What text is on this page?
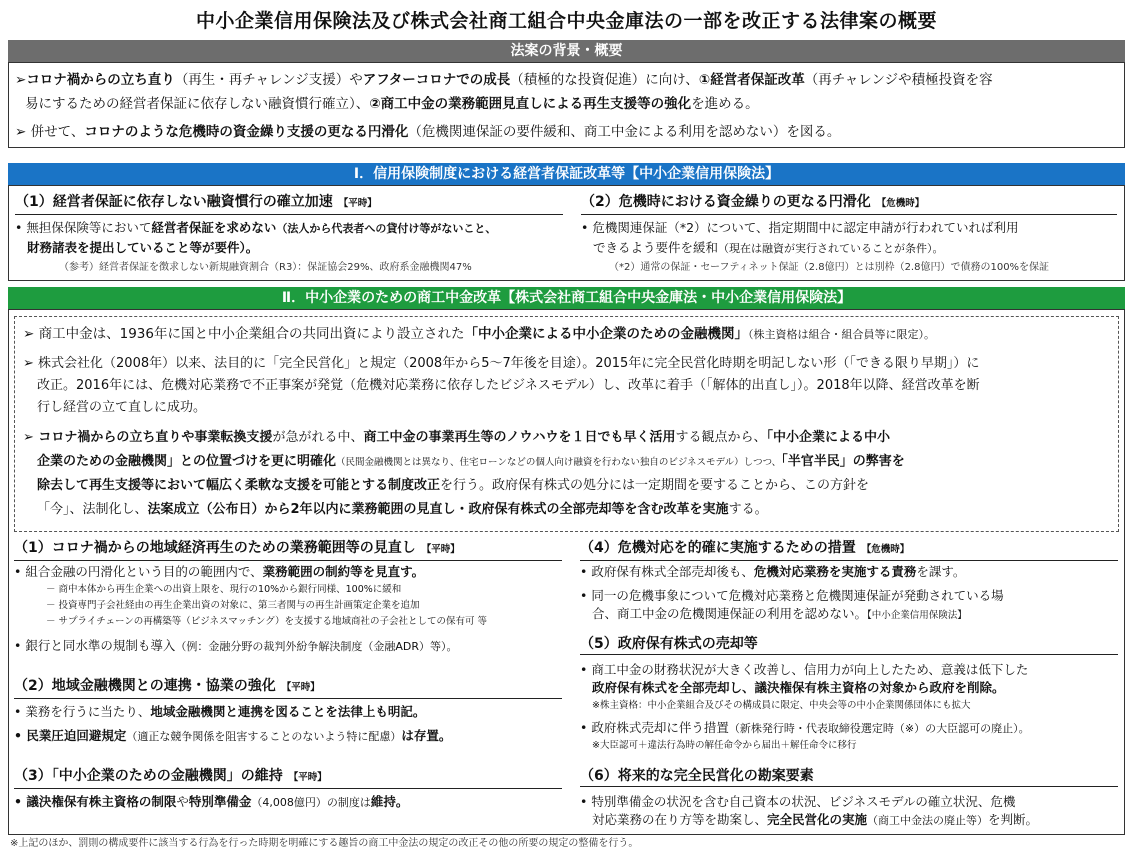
中小企業信用保険法及び株式会社商工組合中央金庫法の一部を改正する法律案の概要
法案の背景・概要
➢コロナ禍からの立ち直り（再生・再チャレンジ支援）やアフターコロナでの成長（積極的な投資促進）に向け、①経営者保証改革（再チャレンジや積極投資を容
易にするための経営者保証に依存しない融資慣行確立）、②商工中金の業務範囲見直しによる再生支援等の強化を進める。
➢ 併せて、コロナのような危機時の資金繰り支援の更なる円滑化（危機関連保証の要件緩和、商工中金による利用を認めない）を図る。
Ⅰ．信用保険制度における経営者保証改革等【中小企業信用保険法】
（1）経営者保証に依存しない融資慣行の確立加速 【平時】
• 無担保保険等において経営者保証を求めない（法人から代表者への貸付け等がないこと、
財務諸表を提出していること等が要件）。
（参考）経営者保証を徴求しない新規融資割合（R3）：保証協会29%、政府系金融機関47%
（2）危機時における資金繰りの更なる円滑化 【危機時】
• 危機関連保証（*2）について、指定期間中に認定申請が行われていれば利用
できるよう要件を緩和（現在は融資が実行されていることが条件）。
（*2）通常の保証・セーフティネット保証（2.8億円）とは別枠（2.8億円）で債務の100%を保証
Ⅱ．中小企業のための商工中金改革【株式会社商工組合中央金庫法・中小企業信用保険法】
➢ 商工中金は、1936年に国と中小企業組合の共同出資により設立された「中小企業による中小企業のための金融機関」（株主資格は組合・組合員等に限定）。
➢ 株式会社化（2008年）以来、法目的に「完全民営化」と規定（2008年から5～7年後を目途）。2015年に完全民営化時期を明記しない形（「できる限り早期」）に
改正。2016年には、危機対応業務で不正事案が発覚（危機対応業務に依存したビジネスモデル）し、改革に着手（「解体的出直し」）。2018年以降、経営改革を断
行し経営の立て直しに成功。
➢ コロナ禍からの立ち直りや事業転換支援が急がれる中、商工中金の事業再生等のノウハウを１日でも早く活用する観点から、「中小企業による中小
企業のための金融機関」との位置づけを更に明確化（民間金融機関とは異なり、住宅ローンなどの個人向け融資を行わない独自のビジネスモデル）しつつ、「半官半民」の弊害を
除去して再生支援等において幅広く柔軟な支援を可能とする制度改正を行う。政府保有株式の処分には一定期間を要することから、この方針を
「今」、法制化し、法案成立（公布日）から2年以内に業務範囲の見直し・政府保有株式の全部売却等を含む改革を実施する。
（1）コロナ禍からの地域経済再生のための業務範囲等の見直し 【平時】
• 組合金融の円滑化という目的の範囲内で、業務範囲の制約等を見直す。
－ 商中本体から再生企業への出資上限を、現行の10%から銀行同様、100%に緩和
－ 投資専門子会社経由の再生企業出資の対象に、第三者関与の再生計画策定企業を追加
－ サプライチェーンの再構築等（ビジネスマッチング）を支援する地域商社の子会社としての保有可 等
• 銀行と同水準の規制も導入（例：金融分野の裁判外紛争解決制度（金融ADR）等）。
（2）地域金融機関との連携・協業の強化 【平時】
• 業務を行うに当たり、地域金融機関と連携を図ることを法律上も明記。
• 民業圧迫回避規定（適正な競争関係を阻害することのないよう特に配慮）は存置。
（3）「中小企業のための金融機関」の維持 【平時】
• 議決権保有株主資格の制限や特別準備金（4,008億円）の制度は維持。
（4）危機対応を的確に実施するための措置 【危機時】
• 政府保有株式全部売却後も、危機対応業務を実施する責務を課す。
• 同一の危機事象について危機対応業務と危機関連保証が発動されている場
合、商工中金の危機関連保証の利用を認めない。【中小企業信用保険法】
（5）政府保有株式の売却等
• 商工中金の財務状況が大きく改善し、信用力が向上したため、意義は低下した
政府保有株式を全部売却し、議決権保有株主資格の対象から政府を削除。
※株主資格：中小企業組合及びその構成員に限定、中央会等の中小企業関係団体にも拡大
• 政府株式売却に伴う措置（新株発行時・代表取締役選定時（※）の大臣認可の廃止）。
※大臣認可＋違法行為時の解任命令から届出＋解任命令に移行
（6）将来的な完全民営化の勘案要素
• 特別準備金の状況を含む自己資本の状況、ビジネスモデルの確立状況、危機
対応業務の在り方等を勘案し、完全民営化の実施（商工中金法の廃止等）を判断。
※上記のほか、罰則の構成要件に該当する行為を行った時期を明確にする趣旨の商工中金法の規定の改正その他の所要の規定の整備を行う。
